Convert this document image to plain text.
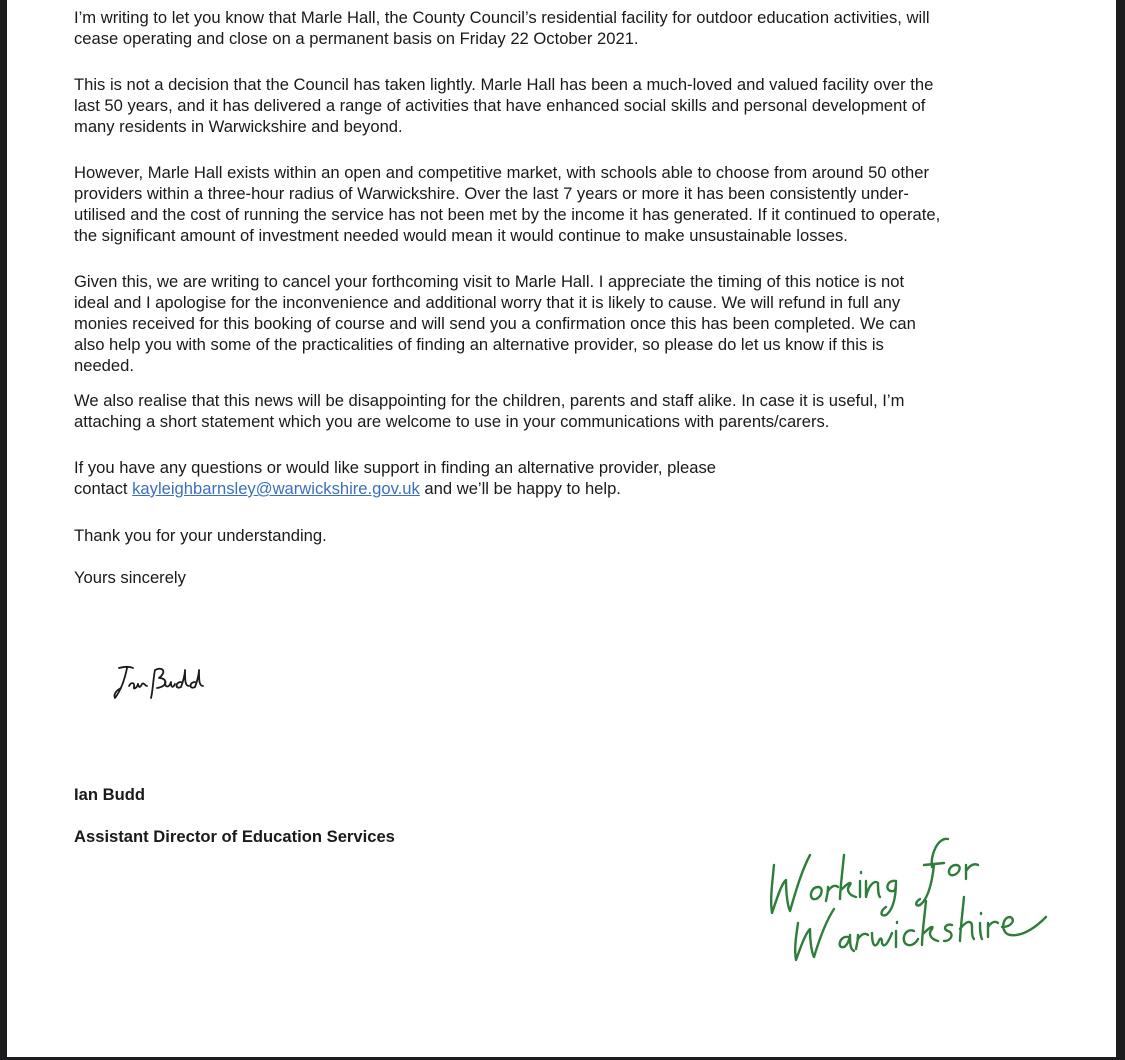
I’m writing to let you know that Marle Hall, the County Council’s residential facility for outdoor education activities, will
cease operating and close on a permanent basis on Friday 22 October 2021.

This is not a decision that the Council has taken lightly. Marle Hall has been a much-loved and valued facility over the
last 50 years, and it has delivered a range of activities that have enhanced social skills and personal development of
many residents in Warwickshire and beyond.

However, Marle Hall exists within an open and competitive market, with schools able to choose from around 50 other
providers within a three-hour radius of Warwickshire. Over the last 7 years or more it has been consistently under-
utilised and the cost of running the service has not been met by the income it has generated. If it continued to operate,
the significant amount of investment needed would mean it would continue to make unsustainable losses.

Given this, we are writing to cancel your forthcoming visit to Marle Hall. I appreciate the timing of this notice is not
ideal and I apologise for the inconvenience and additional worry that it is likely to cause. We will refund in full any
monies received for this booking of course and will send you a confirmation once this has been completed. We can
also help you with some of the practicalities of finding an alternative provider, so please do let us know if this is
needed.

We also realise that this news will be disappointing for the children, parents and staff alike. In case it is useful, I’m
attaching a short statement which you are welcome to use in your communications with parents/carers.

If you have any questions or would like support in finding an alternative provider, please
contact kayleighbarnsley@warwickshire.gov.uk and we’ll be happy to help.

Thank you for your understanding.

Yours sincerely

Ian Budd

Assistant Director of Education Services
